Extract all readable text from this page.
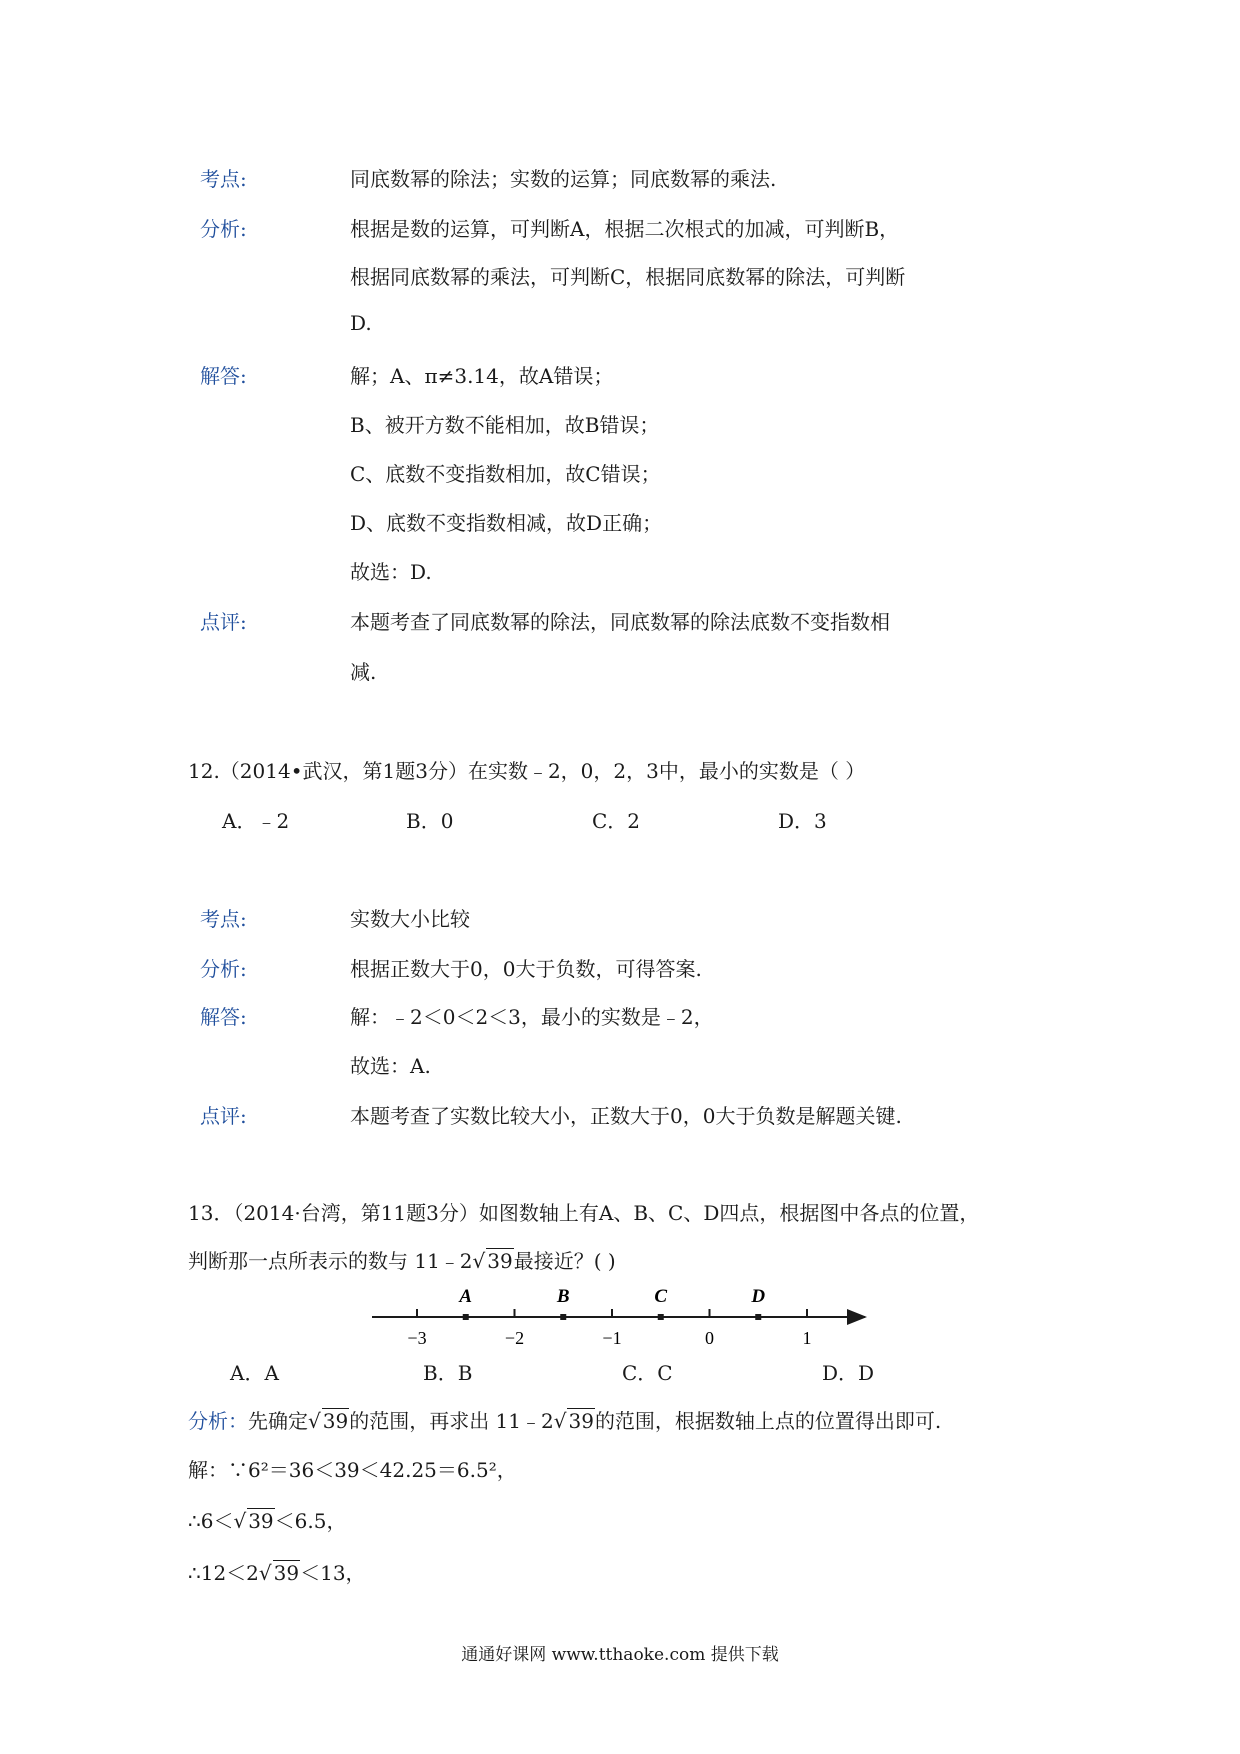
考点:	同底数幂的除法；实数的运算；同底数幂的乘法.
分析:	根据是数的运算，可判断A，根据二次根式的加减，可判断B，
根据同底数幂的乘法，可判断C，根据同底数幂的除法，可判断
D.
解答:	解；A、π≠3.14，故A错误；
B、被开方数不能相加，故B错误；
C、底数不变指数相加，故C错误；
D、底数不变指数相减，故D正确；
故选：D.
点评:	本题考查了同底数幂的除法，同底数幂的除法底数不变指数相
减.
12.（2014•武汉，第1题3分）在实数﹣2，0，2，3中，最小的实数是（ ）
A．﹣2	B．0	C．2	D．3
考点:	实数大小比较
分析:	根据正数大于0，0大于负数，可得答案.
解答:	解：﹣2＜0＜2＜3，最小的实数是﹣2，
故选：A.
点评:	本题考查了实数比较大小，正数大于0，0大于负数是解题关键.
13．（2014·台湾，第11题3分）如图数轴上有A、B、C、D四点，根据图中各点的位置，
判断那一点所表示的数与 11﹣2√ 39最接近？( )
−3	−2	−1	0	1
A	B	C	D
A．A	B．B	C．C	D．D
分析：先确定√ 39的范围，再求出 11﹣2√ 39的范围，根据数轴上点的位置得出即可.
解：∵6²＝36＜39＜42.25＝6.5²，
∴6＜√ 39＜6.5，
∴12＜2√ 39＜13，
通通好课网 www.tthaoke.com 提供下载
